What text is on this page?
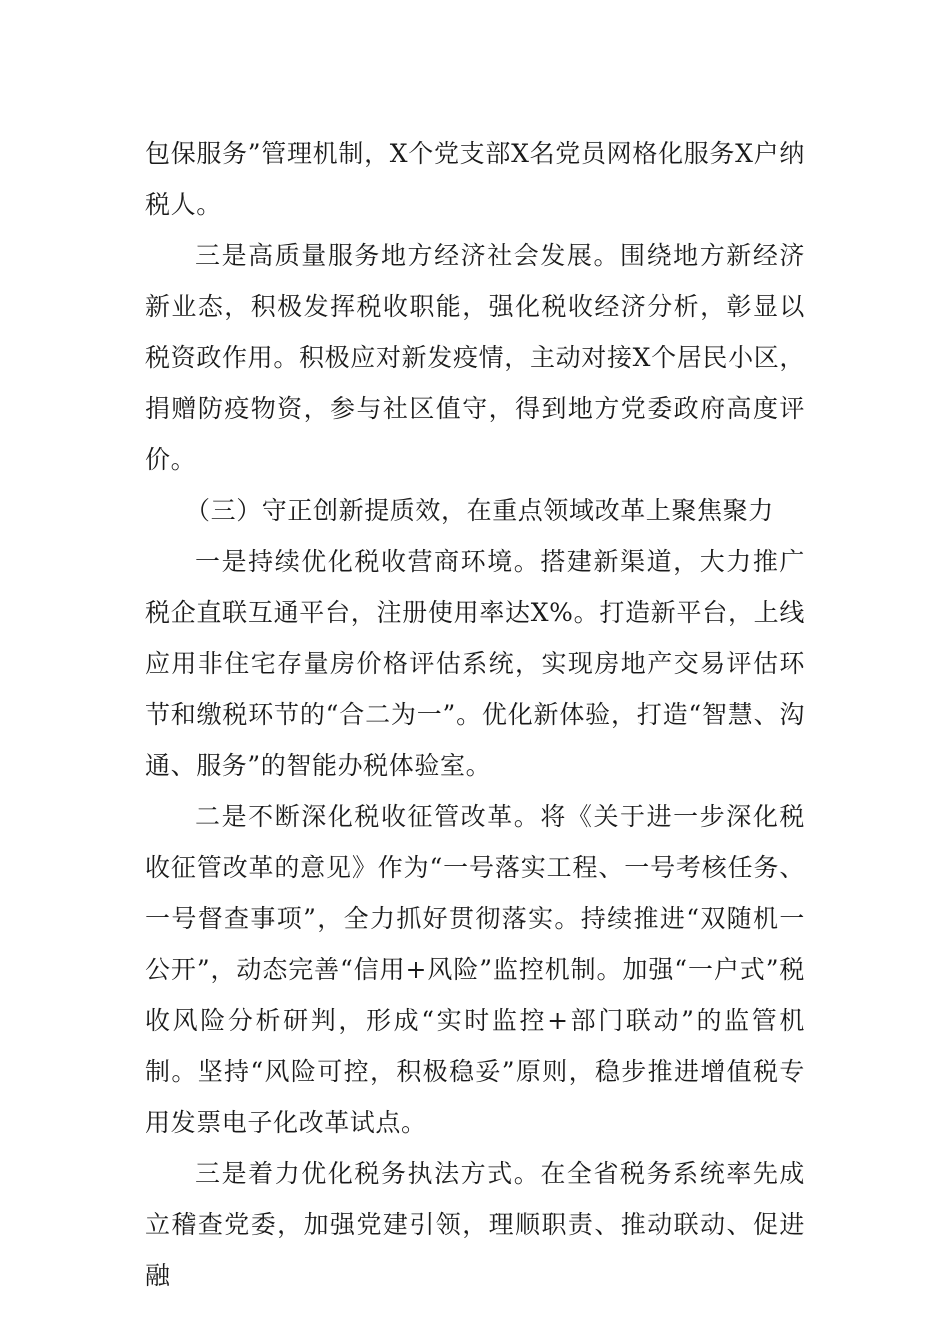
包保服务”管理机制，X个党支部X名党员网格化服务X户纳税人。

三是高质量服务地方经济社会发展。围绕地方新经济新业态，积极发挥税收职能，强化税收经济分析，彰显以税资政作用。积极应对新发疫情，主动对接X个居民小区，捐赠防疫物资，参与社区值守，得到地方党委政府高度评价。

（三）守正创新提质效，在重点领域改革上聚焦聚力

一是持续优化税收营商环境。搭建新渠道，大力推广税企直联互通平台，注册使用率达X%。打造新平台，上线应用非住宅存量房价格评估系统，实现房地产交易评估环节和缴税环节的“合二为一”。优化新体验，打造“智慧、沟通、服务”的智能办税体验室。

二是不断深化税收征管改革。将《关于进一步深化税收征管改革的意见》作为“一号落实工程、一号考核任务、一号督查事项”，全力抓好贯彻落实。持续推进“双随机一公开”，动态完善“信用+风险”监控机制。加强“一户式”税收风险分析研判，形成“实时监控+部门联动”的监管机制。坚持“风险可控，积极稳妥”原则，稳步推进增值税专用发票电子化改革试点。

三是着力优化税务执法方式。在全省税务系统率先成立稽查党委，加强党建引领，理顺职责、推动联动、促进融
